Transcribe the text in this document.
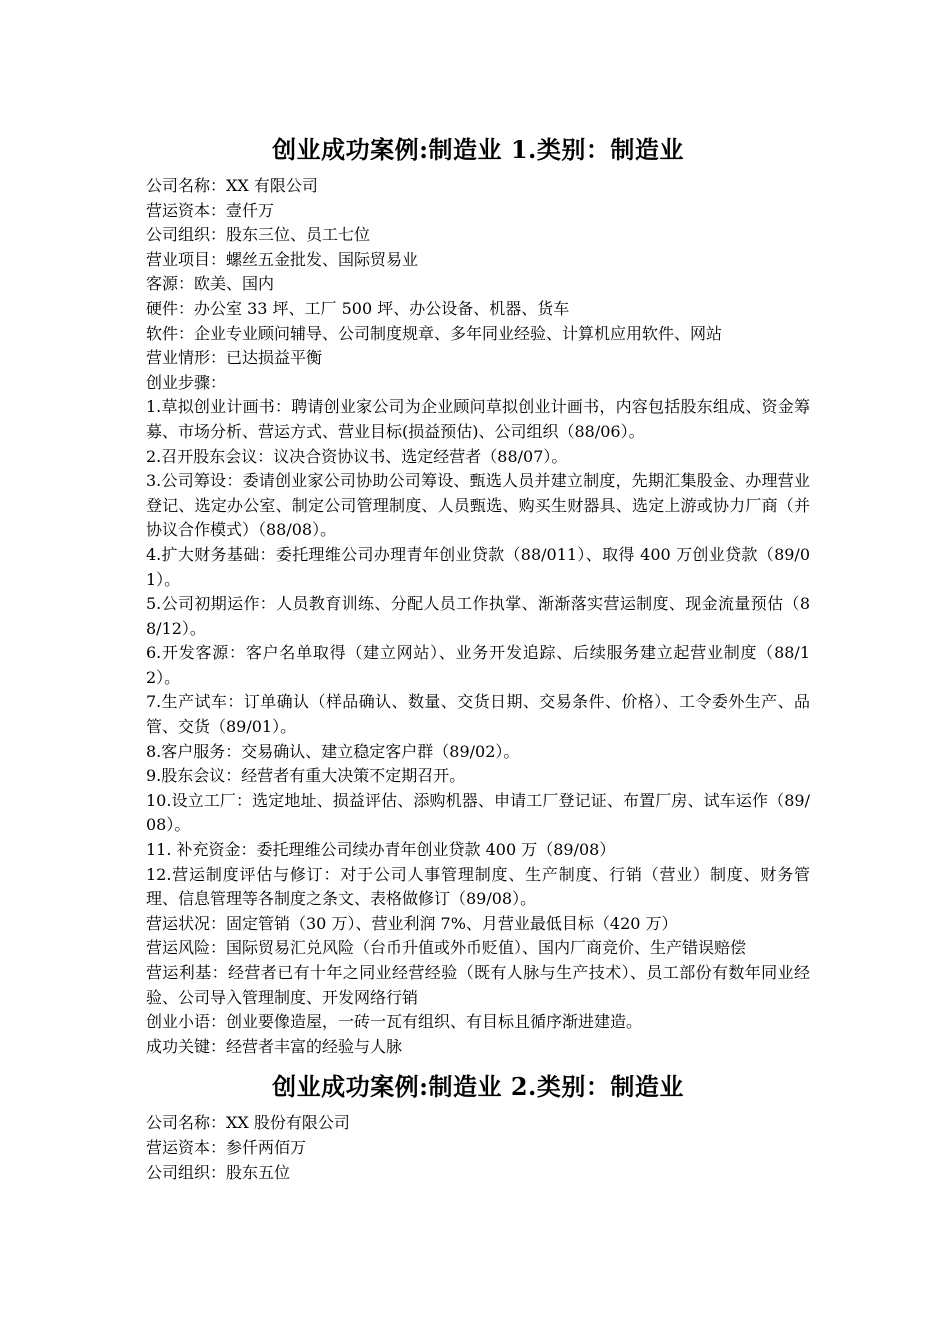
创业成功案例:制造业 1.类别：制造业

公司名称：XX 有限公司

营运资本：壹仟万

公司组织：股东三位、员工七位

营业项目：螺丝五金批发、国际贸易业

客源：欧美、国内

硬件：办公室 33 坪、工厂 500 坪、办公设备、机器、货车

软件：企业专业顾问辅导、公司制度规章、多年同业经验、计算机应用软件、网站

营业情形：已达损益平衡

创业步骤：

1.草拟创业计画书：聘请创业家公司为企业顾问草拟创业计画书，内容包括股东组成、资金筹募、市场分析、营运方式、营业目标(损益预估)、公司组织（88/06）。

2.召开股东会议：议决合资协议书、选定经营者（88/07）。

3.公司筹设：委请创业家公司协助公司筹设、甄选人员并建立制度，先期汇集股金、办理营业登记、选定办公室、制定公司管理制度、人员甄选、购买生财器具、选定上游或协力厂商（并协议合作模式）（88/08）。

4.扩大财务基础：委托理维公司办理青年创业贷款（88/011）、取得 400 万创业贷款（89/01）。

5.公司初期运作：人员教育训练、分配人员工作执掌、渐渐落实营运制度、现金流量预估（88/12）。

6.开发客源：客户名单取得（建立网站）、业务开发追踪、后续服务建立起营业制度（88/12）。

7.生产试车：订单确认（样品确认、数量、交货日期、交易条件、价格）、工令委外生产、品管、交货（89/01）。

8.客户服务：交易确认、建立稳定客户群（89/02）。

9.股东会议：经营者有重大决策不定期召开。

10.设立工厂：选定地址、损益评估、添购机器、申请工厂登记证、布置厂房、试车运作（89/08）。

11. 补充资金：委托理维公司续办青年创业贷款 400 万（89/08）

12.营运制度评估与修订：对于公司人事管理制度、生产制度、行销（营业）制度、财务管理、信息管理等各制度之条文、表格做修订（89/08）。

营运状况：固定管销（30 万）、营业利润 7%、月营业最低目标（420 万）

营运风险：国际贸易汇兑风险（台币升值或外币贬值）、国内厂商竞价、生产错误赔偿

营运利基：经营者已有十年之同业经营经验（既有人脉与生产技术）、员工部份有数年同业经验、公司导入管理制度、开发网络行销

创业小语：创业要像造屋，一砖一瓦有组织、有目标且循序渐进建造。

成功关键：经营者丰富的经验与人脉

创业成功案例:制造业 2.类别：制造业

公司名称：XX 股份有限公司

营运资本：参仟两佰万

公司组织：股东五位
